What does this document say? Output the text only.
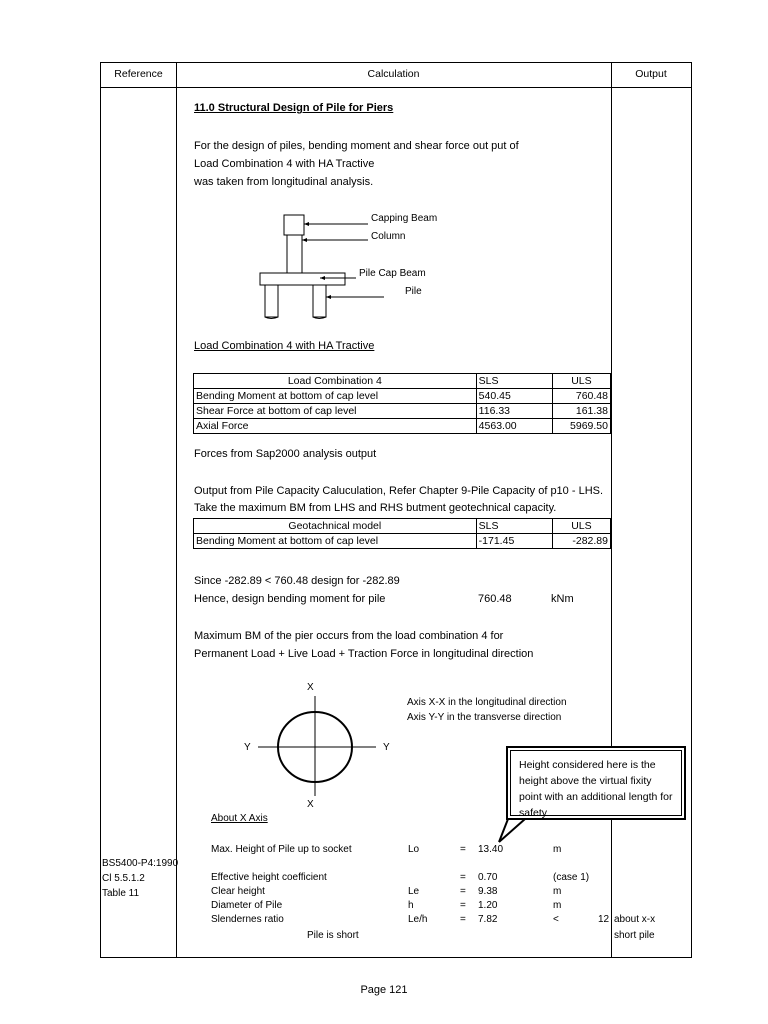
Reference	Calculation	Output
11.0 Structural Design of Pile for Piers
For the design of piles, bending moment and shear force out put of
Load Combination 4 with HA Tractive
was taken from longitudinal analysis.
Capping Beam
Column
Pile Cap Beam
Pile
Load Combination 4 with HA Tractive
Load Combination 4	SLS	ULS
Bending Moment at bottom of cap level	540.45	760.48
Shear Force at bottom of cap level	116.33	161.38
Axial Force	4563.00	5969.50
Forces from Sap2000 analysis output
Output from Pile Capacity Caluculation, Refer Chapter 9-Pile Capacity of p10 - LHS.
Take the maximum BM from LHS and RHS butment geotechnical capacity.
Geotachnical model	SLS	ULS
Bending Moment at bottom of cap level	-171.45	-282.89
Since -282.89 < 760.48 design for -282.89
Hence, design bending moment for pile	760.48	kNm
Maximum BM of the pier occurs from the load combination 4 for
Permanent Load + Live Load + Traction Force in longitudinal direction
X
X
Y	Y
Axis X-X in the longitudinal direction
Axis Y-Y in the transverse direction
Height considered here is the height above the virtual fixity point with an additional length for safety
About X Axis
BS5400-P4:1990
Cl 5.5.1.2
Table 11
Max. Height of Pile up to socket	Lo	= 13.40	m
Effective height coefficient	= 0.70	(case 1)
Clear height	Le	= 9.38	m
Diameter of Pile	h	= 1.20	m
Slendernes ratio	Le/h	= 7.82	<	12
Pile is short
about x-x
short pile
Page 121
